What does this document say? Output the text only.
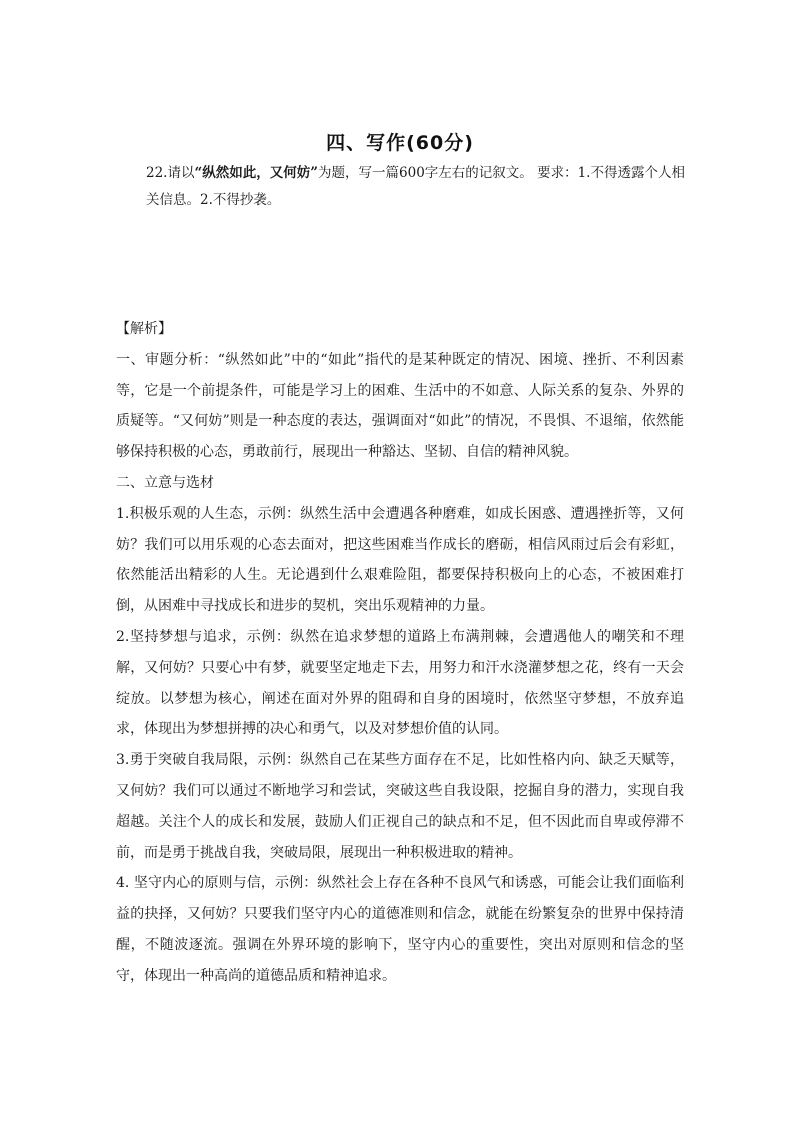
四、写作(60分)
22.请以“纵然如此，又何妨”为题，写一篇600字左右的记叙文。 要求：1.不得透露个人相关信息。2.不得抄袭。

【解析】

一、审题分析：“纵然如此”中的“如此”指代的是某种既定的情况、困境、挫折、不利因素等，它是一个前提条件，可能是学习上的困难、生活中的不如意、人际关系的复杂、外界的质疑等。“又何妨”则是一种态度的表达，强调面对“如此”的情况，不畏惧、不退缩，依然能够保持积极的心态，勇敢前行，展现出一种豁达、坚韧、自信的精神风貌。

二、立意与选材

1.积极乐观的人生态，示例：纵然生活中会遭遇各种磨难，如成长困惑、遭遇挫折等，又何妨？我们可以用乐观的心态去面对，把这些困难当作成长的磨砺，相信风雨过后会有彩虹，依然能活出精彩的人生。无论遇到什么艰难险阻，都要保持积极向上的心态，不被困难打倒，从困难中寻找成长和进步的契机，突出乐观精神的力量。

2.坚持梦想与追求，示例：纵然在追求梦想的道路上布满荆棘，会遭遇他人的嘲笑和不理解，又何妨？只要心中有梦，就要坚定地走下去，用努力和汗水浇灌梦想之花，终有一天会绽放。以梦想为核心，阐述在面对外界的阻碍和自身的困境时，依然坚守梦想，不放弃追求，体现出为梦想拼搏的决心和勇气，以及对梦想价值的认同。

3.勇于突破自我局限，示例：纵然自己在某些方面存在不足，比如性格内向、缺乏天赋等，又何妨？我们可以通过不断地学习和尝试，突破这些自我设限，挖掘自身的潜力，实现自我超越。关注个人的成长和发展，鼓励人们正视自己的缺点和不足，但不因此而自卑或停滞不前，而是勇于挑战自我，突破局限，展现出一种积极进取的精神。

4. 坚守内心的原则与信，示例：纵然社会上存在各种不良风气和诱惑，可能会让我们面临利益的抉择，又何妨？只要我们坚守内心的道德准则和信念，就能在纷繁复杂的世界中保持清醒，不随波逐流。强调在外界环境的影响下，坚守内心的重要性，突出对原则和信念的坚守，体现出一种高尚的道德品质和精神追求。
